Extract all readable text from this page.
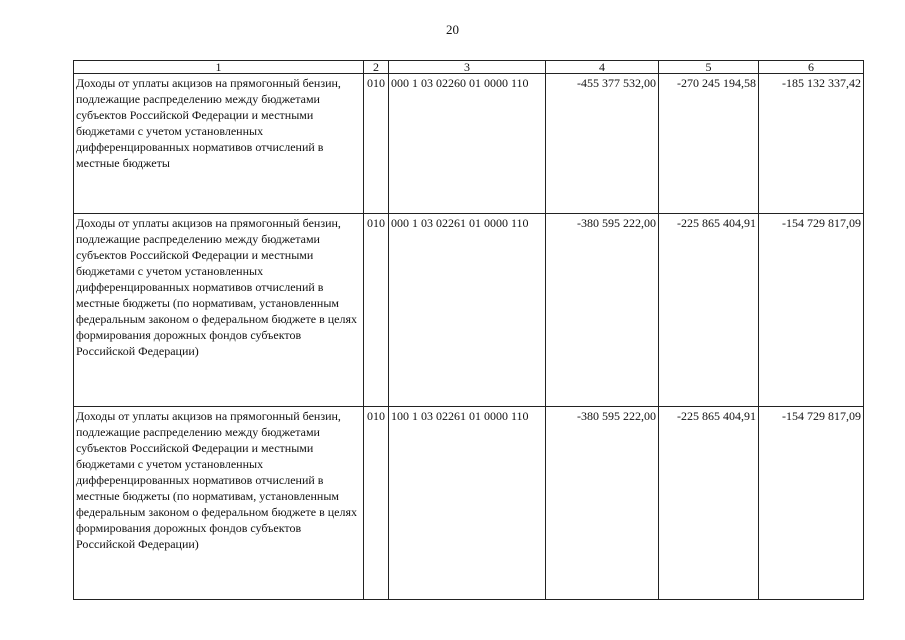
20
1	2	3	4	5	6
Доходы от уплаты акцизов на прямогонный бензин, подлежащие распределению между бюджетами субъектов Российской Федерации и местными бюджетами с учетом установленных дифференцированных нормативов отчислений в местные бюджеты	010	000 1 03 02260 01 0000 110	-455 377 532,00	-270 245 194,58	-185 132 337,42
Доходы от уплаты акцизов на прямогонный бензин, подлежащие распределению между бюджетами субъектов Российской Федерации и местными бюджетами с учетом установленных дифференцированных нормативов отчислений в местные бюджеты (по нормативам, установленным федеральным законом о федеральном бюджете в целях формирования дорожных фондов субъектов Российской Федерации)	010	000 1 03 02261 01 0000 110	-380 595 222,00	-225 865 404,91	-154 729 817,09
Доходы от уплаты акцизов на прямогонный бензин, подлежащие распределению между бюджетами субъектов Российской Федерации и местными бюджетами с учетом установленных дифференцированных нормативов отчислений в местные бюджеты (по нормативам, установленным федеральным законом о федеральном бюджете в целях формирования дорожных фондов субъектов Российской Федерации)	010	100 1 03 02261 01 0000 110	-380 595 222,00	-225 865 404,91	-154 729 817,09
